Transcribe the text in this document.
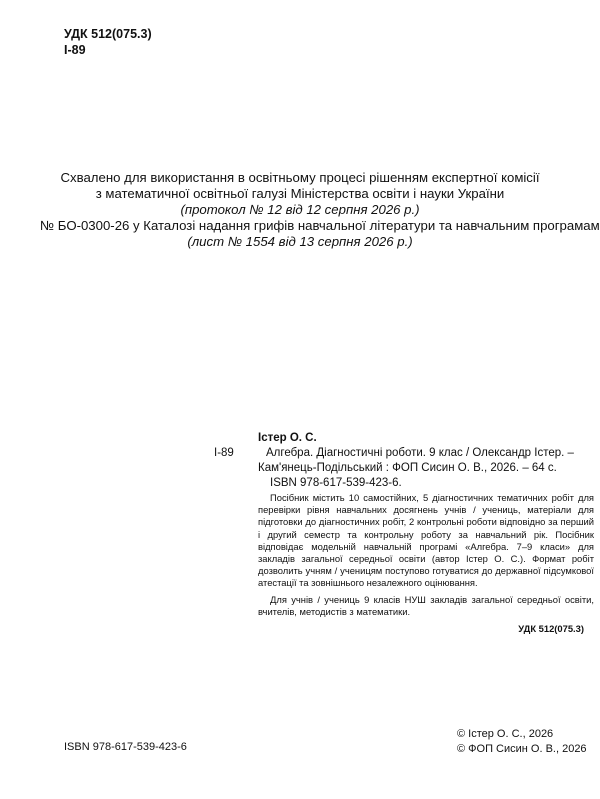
УДК 512(075.3)
І-89
Схвалено для використання в освітньому процесі рішенням експертної комісії
з математичної освітньої галузі Міністерства освіти і науки України
(протокол № 12 від 12 серпня 2026 р.)
№ БО-0300-26 у Каталозі надання грифів навчальної літератури та навчальним програмам
(лист № 1554 від 13 серпня 2026 р.)
І-89
Істер О. С.
Алгебра. Діагностичні роботи. 9 клас / Олександр Істер. – Кам'янець-Подільський : ФОП Сисин О. В., 2026. – 64 с.
ISBN 978-617-539-423-6.
Посібник містить 10 самостійних, 5 діагностичних тематичних робіт для перевірки рівня навчальних досягнень учнів / учениць, матеріали для підготовки до діагностичних робіт, 2 контрольні роботи відповідно за перший і другий семестр та контрольну роботу за навчальний рік. Посібник відповідає модельній навчальній програмі «Алгебра. 7–9 класи» для закладів загальної середньої освіти (автор Істер О. С.). Формат робіт дозволить учням / ученицям поступово готуватися до державної підсумкової атестації та зовнішнього незалежного оцінювання.
Для учнів / учениць 9 класів НУШ закладів загальної середньої освіти, вчителів, методистів з математики.
УДК 512(075.3)
ISBN 978-617-539-423-6
© Істер О. С., 2026
© ФОП Сисин О. В., 2026
